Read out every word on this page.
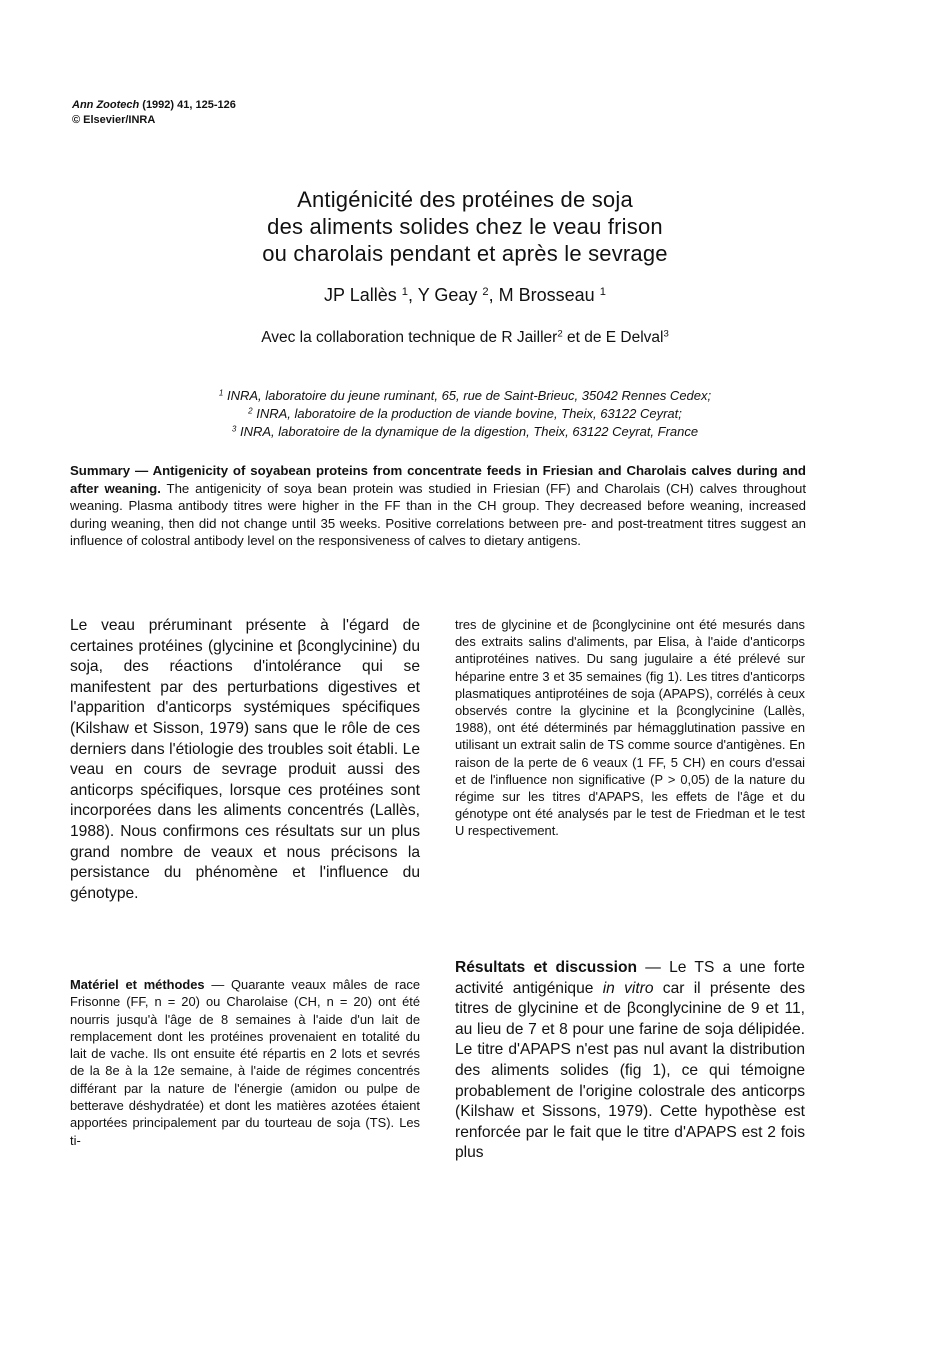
Ann Zootech (1992) 41, 125-126
© Elsevier/INRA
Antigénicité des protéines de soja
des aliments solides chez le veau frison
ou charolais pendant et après le sevrage
JP Lallès $^1$, Y Geay $^2$, M Brosseau $^1$
Avec la collaboration technique de R Jailler$^2$ et de E Delval$^3$
$^1$ INRA, laboratoire du jeune ruminant, 65, rue de Saint-Brieuc, 35042 Rennes Cedex;
$^2$ INRA, laboratoire de la production de viande bovine, Theix, 63122 Ceyrat;
$^3$ INRA, laboratoire de la dynamique de la digestion, Theix, 63122 Ceyrat, France
Summary — Antigenicity of soyabean proteins from concentrate feeds in Friesian and Charolais calves during and after weaning. The antigenicity of soya bean protein was studied in Friesian (FF) and Charolais (CH) calves throughout weaning. Plasma antibody titres were higher in the FF than in the CH group. They decreased before weaning, increased during weaning, then did not change until 35 weeks. Positive correlations between pre- and post-treatment titres suggest an influence of colostral antibody level on the responsiveness of calves to dietary antigens.
Le veau préruminant présente à l'égard de certaines protéines (glycinine et βconglycinine) du soja, des réactions d'intolérance qui se manifestent par des perturbations digestives et l'apparition d'anticorps systémiques spécifiques (Kilshaw et Sisson, 1979) sans que le rôle de ces derniers dans l'étiologie des troubles soit établi. Le veau en cours de sevrage produit aussi des anticorps spécifiques, lorsque ces protéines sont incorporées dans les aliments concentrés (Lallès, 1988). Nous confirmons ces résultats sur un plus grand nombre de veaux et nous précisons la persistance du phénomène et l'influence du génotype.
Matériel et méthodes — Quarante veaux mâles de race Frisonne (FF, n = 20) ou Charolaise (CH, n = 20) ont été nourris jusqu'à l'âge de 8 semaines à l'aide d'un lait de remplacement dont les protéines provenaient en totalité du lait de vache. Ils ont ensuite été répartis en 2 lots et sevrés de la 8e à la 12e semaine, à l'aide de régimes concentrés différant par la nature de l'énergie (amidon ou pulpe de betterave déshydratée) et dont les matières azotées étaient apportées principalement par du tourteau de soja (TS). Les ti-
tres de glycinine et de βconglycinine ont été mesurés dans des extraits salins d'aliments, par Elisa, à l'aide d'anticorps antiprotéines natives. Du sang jugulaire a été prélevé sur héparine entre 3 et 35 semaines (fig 1). Les titres d'anticorps plasmatiques antiprotéines de soja (APAPS), corrélés à ceux observés contre la glycinine et la βconglycinine (Lallès, 1988), ont été déterminés par hémagglutination passive en utilisant un extrait salin de TS comme source d'antigènes. En raison de la perte de 6 veaux (1 FF, 5 CH) en cours d'essai et de l'influence non significative (P > 0,05) de la nature du régime sur les titres d'APAPS, les effets de l'âge et du génotype ont été analysés par le test de Friedman et le test U respectivement.
Résultats et discussion — Le TS a une forte activité antigénique in vitro car il présente des titres de glycinine et de βconglycinine de 9 et 11, au lieu de 7 et 8 pour une farine de soja délipidée. Le titre d'APAPS n'est pas nul avant la distribution des aliments solides (fig 1), ce qui témoigne probablement de l'origine colostrale des anticorps (Kilshaw et Sissons, 1979). Cette hypothèse est renforcée par le fait que le titre d'APAPS est 2 fois plus
